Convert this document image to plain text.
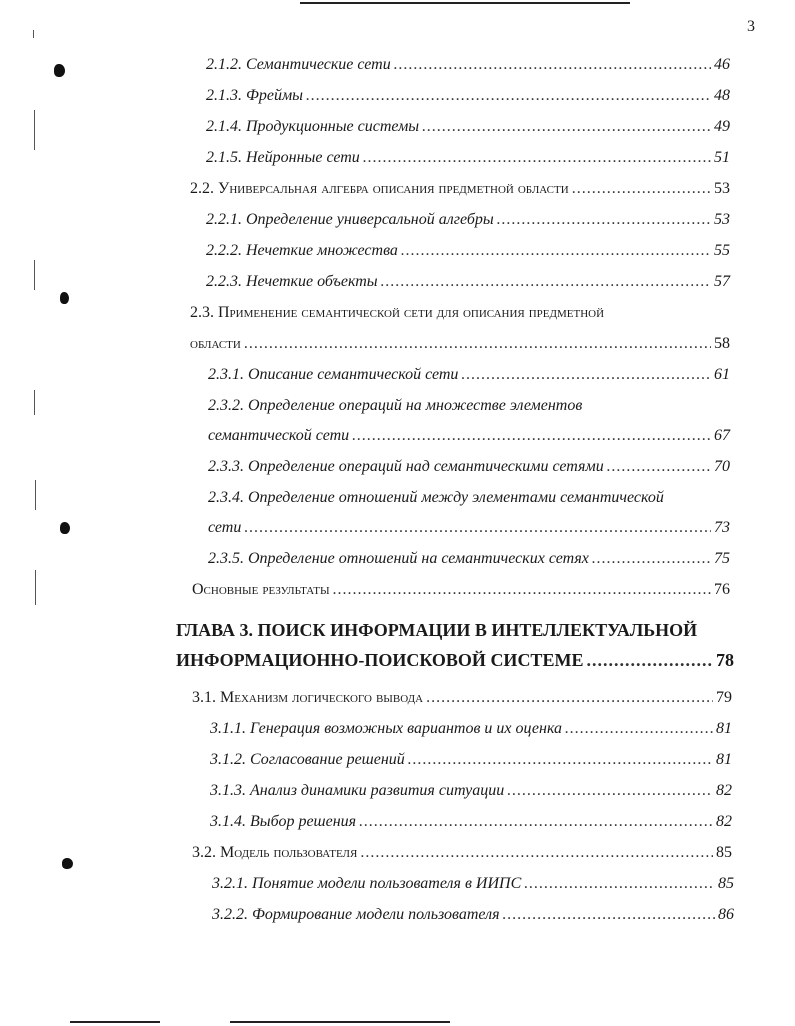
3
2.1.2. Семантические сети .....	46
2.1.3. Фреймы .....	48
2.1.4. Продукционные системы .....	49
2.1.5. Нейронные сети .....	51
2.2. Универсальная алгебра описания предметной области .....	53
2.2.1. Определение универсальной алгебры .....	53
2.2.2. Нечеткие множества .....	55
2.2.3. Нечеткие объекты .....	57
2.3. Применение семантической сети для описания предметной
области .....	58
2.3.1. Описание семантической сети .....	61
2.3.2. Определение операций на множестве элементов
семантической сети .....	67
2.3.3. Определение операций над семантическими сетями .....	70
2.3.4. Определение отношений между элементами семантической
сети .....	73
2.3.5. Определение отношений на семантических сетях .....	75
Основные результаты .....	76
ГЛАВА 3. ПОИСК ИНФОРМАЦИИ В ИНТЕЛЛЕКТУАЛЬНОЙ
ИНФОРМАЦИОННО-ПОИСКОВОЙ СИСТЕМЕ .....	78
3.1. Механизм логического вывода .....	79
3.1.1. Генерация возможных вариантов и их оценка .....	81
3.1.2. Согласование решений .....	81
3.1.3. Анализ динамики развития ситуации .....	82
3.1.4. Выбор решения .....	82
3.2. Модель пользователя .....	85
3.2.1. Понятие модели пользователя в ИИПС .....	85
3.2.2. Формирование модели пользователя .....	86
